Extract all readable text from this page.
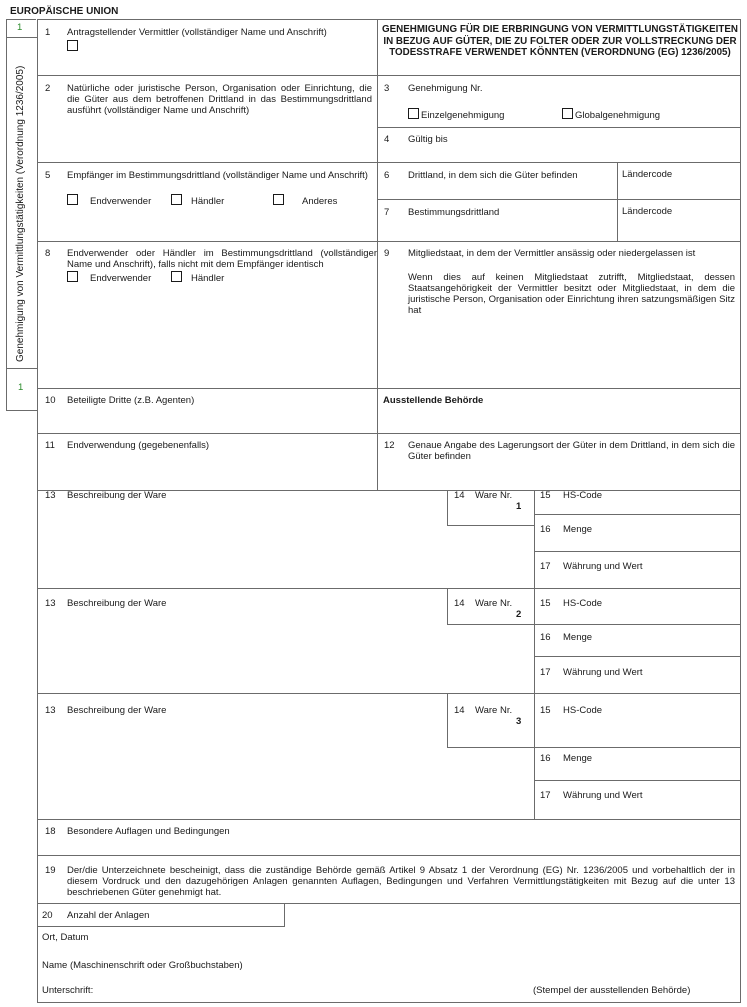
EUROPÄISCHE UNION
1
Genehmigung von Vermittlungstätigkeiten (Verordnung 1236/2005)
1
1 Antragstellender Vermittler (vollständiger Name und Anschrift)	GENEHMIGUNG FÜR DIE ERBRINGUNG VON VERMITTLUNGSTÄTIGKEITEN IN BEZUG AUF GÜTER, DIE ZU FOLTER ODER ZUR VOLLSTRECKUNG DER TODESSTRAFE VERWENDET KÖNNTEN (VERORDNUNG (EG) 1236/2005)
2 Natürliche oder juristische Person, Organisation oder Einrichtung, die die Güter aus dem betroffenen Drittland in das Bestimmungsdrittland ausführt (vollständiger Name und Anschrift)
3 Genehmigung Nr.
Einzelgenehmigung	Globalgenehmigung
4 Gültig bis
5 Empfänger im Bestimmungsdrittland (vollständiger Name und Anschrift)
Endverwender	Händler	Anderes
6 Drittland, in dem sich die Güter befinden	Ländercode
7 Bestimmungsdrittland	Ländercode
8 Endverwender oder Händler im Bestimmungsdrittland (vollständiger Name und Anschrift), falls nicht mit dem Empfänger identisch
Endverwender	Händler
9 Mitgliedstaat, in dem der Vermittler ansässig oder niedergelassen ist
Wenn dies auf keinen Mitgliedstaat zutrifft, Mitgliedstaat, dessen Staatsangehörigkeit der Vermittler besitzt oder Mitgliedstaat, in dem die juristische Person, Organisation oder Einrichtung ihren satzungsmäßigen Sitz hat
10 Beteiligte Dritte (z.B. Agenten)	Ausstellende Behörde
11 Endverwendung (gegebenenfalls)	12 Genaue Angabe des Lagerungsort der Güter in dem Drittland, in dem sich die Güter befinden
13 Beschreibung der Ware	14 Ware Nr.
1
15 HS-Code
16 Menge
17 Währung und Wert
13 Beschreibung der Ware	14 Ware Nr.
2
15 HS-Code
16 Menge
17 Währung und Wert
13 Beschreibung der Ware	14 Ware Nr.
3
15 HS-Code
16 Menge
17 Währung und Wert
18 Besondere Auflagen und Bedingungen
19 Der/die Unterzeichnete bescheinigt, dass die zuständige Behörde gemäß Artikel 9 Absatz 1 der Verordnung (EG) Nr. 1236/2005 und vorbehaltlich der in diesem Vordruck und den dazugehörigen Anlagen genannten Auflagen, Bedingungen und Verfahren Vermittlungstätigkeiten mit Bezug auf die unter 13 beschriebenen Güter genehmigt hat.
20 Anzahl der Anlagen
Ort, Datum
Name (Maschinenschrift oder Großbuchstaben)
Unterschrift:	(Stempel der ausstellenden Behörde)
